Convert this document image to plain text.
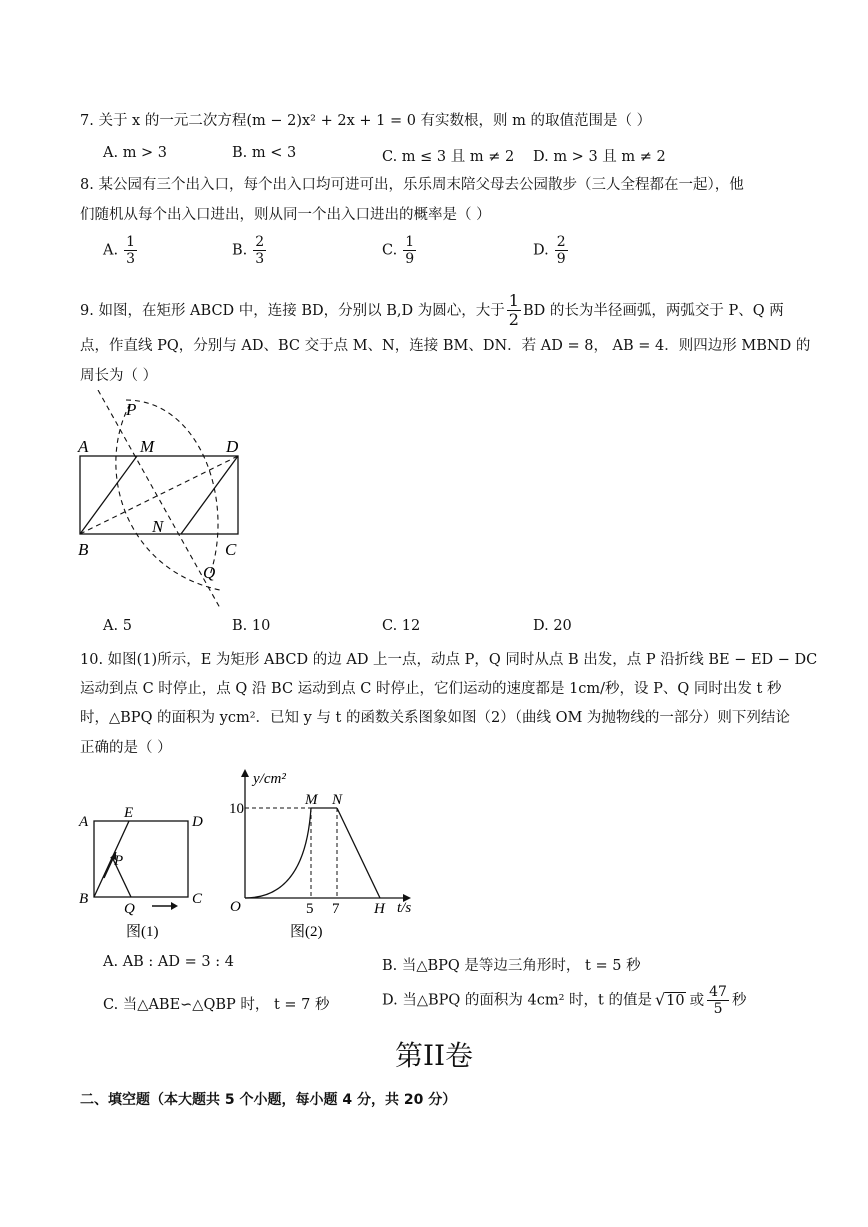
7. 关于 x 的一元二次方程(m − 2)x² + 2x + 1 = 0 有实数根，则 m 的取值范围是（ ）
A. m > 3	B. m < 3	C. m ≤ 3 且 m ≠ 2 D. m > 3 且 m ≠ 2
8. 某公园有三个出入口，每个出入口均可进可出，乐乐周末陪父母去公园散步（三人全程都在一起），他
们随机从每个出入口进出，则从同一个出入口进出的概率是（ ）
A. $\frac{1}{3}$	B. $\frac{2}{3}$	C. $\frac{1}{9}$	D. $\frac{2}{9}$
9. 如图，在矩形 ABCD 中，连接 BD，分别以 B,D 为圆心，大于 $\frac{1}{2}$ BD 的长为半径画弧，两弧交于 P、Q 两
点，作直线 PQ，分别与 AD、BC 交于点 M、N，连接 BM、DN．若 AD = 8， AB = 4．则四边形 MBND 的
周长为（ ）
A	M	D
B
N
C
P
Q
A. 5	B. 10	C. 12	D. 20
10. 如图(1)所示，E 为矩形 ABCD 的边 AD 上一点，动点 P，Q 同时从点 B 出发，点 P 沿折线 BE − ED − DC
运动到点 C 时停止，点 Q 沿 BC 运动到点 C 时停止，它们运动的速度都是 1cm/秒，设 P、Q 同时出发 t 秒
时，△BPQ 的面积为 ycm²．已知 y 与 t 的函数关系图象如图（2）（曲线 OM 为抛物线的一部分）则下列结论
正确的是（ ）
A
E
D
P
B
Q
C
图(1)
y/cm²
t/s
10
O	5 7 H
M N
图(2)
A. AB : AD = 3 : 4	B. 当△BPQ 是等边三角形时， t = 5 秒
C. 当△ABE∽△QBP 时， t = 7 秒	D. 当△BPQ 的面积为 4cm² 时，t 的值是 √10 或 $\frac{47}{5}$ 秒
第II卷
二、填空题（本大题共 5 个小题，每小题 4 分，共 20 分）
